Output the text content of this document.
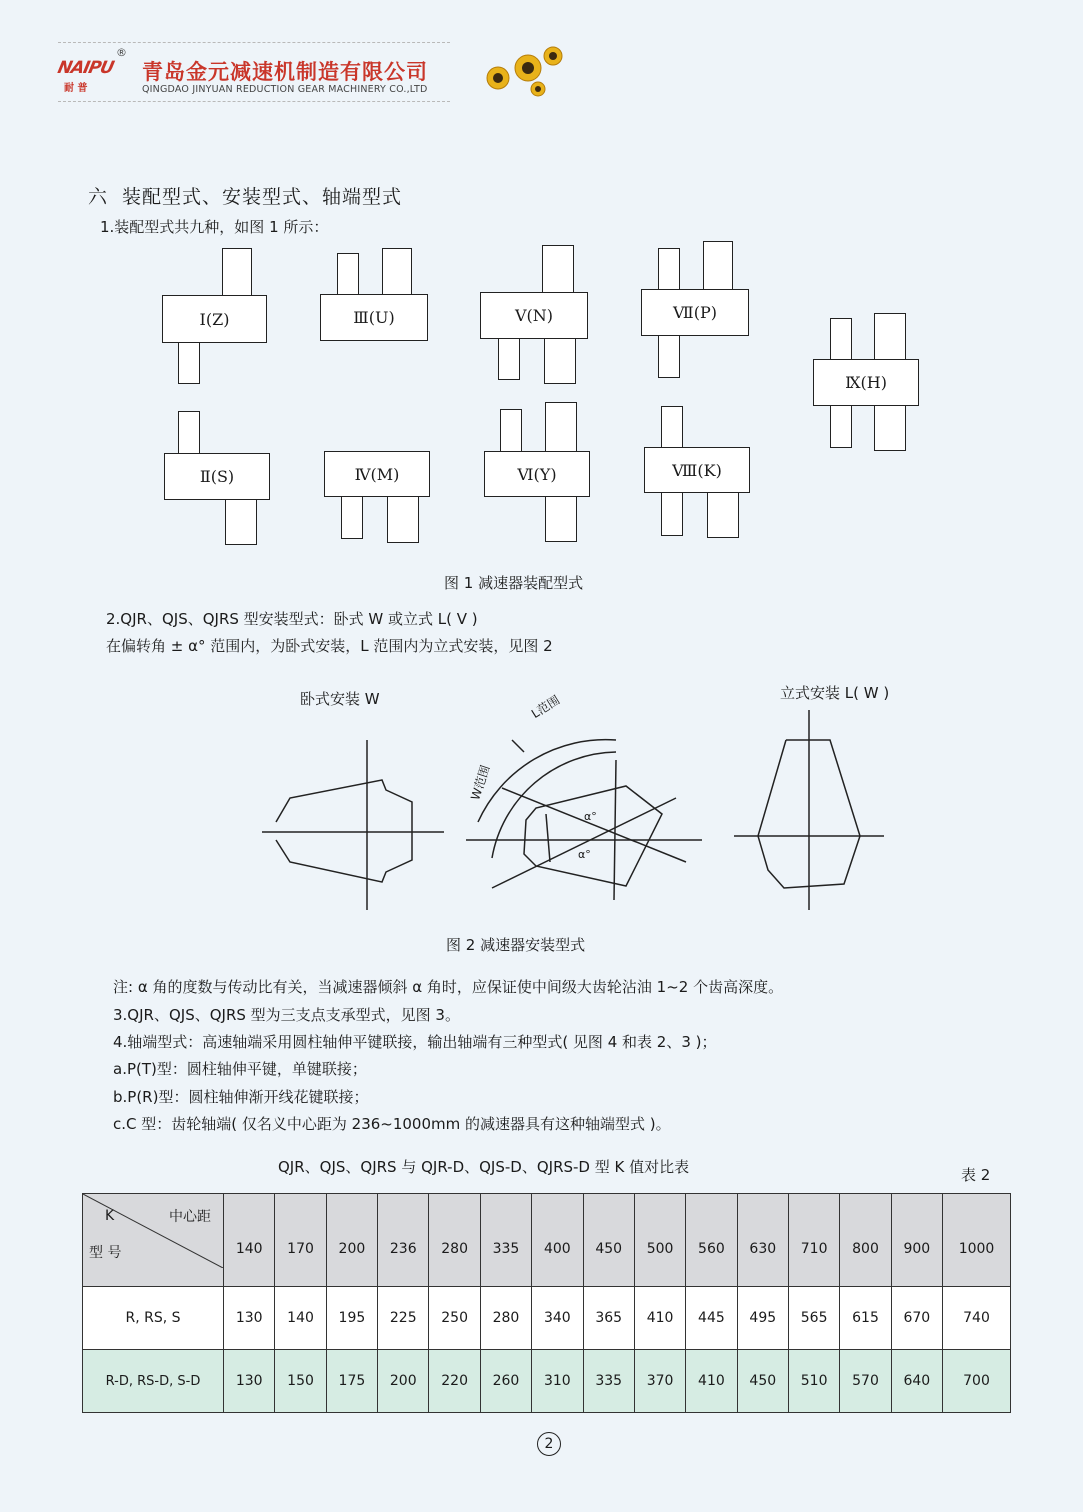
NAIPU
耐 普
®
青岛金元减速机制造有限公司
QINGDAO JINYUAN REDUCTION GEAR MACHINERY CO.,LTD
六 装配型式、安装型式、轴端型式
1.装配型式共九种，如图 1 所示：
Ⅰ(Z)	Ⅲ(U)	Ⅴ(N)	Ⅶ(P)
Ⅸ(H)
Ⅱ(S)	Ⅳ(M)	Ⅵ(Y)	Ⅷ(K)
图 1 减速器装配型式
2.QJR、QJS、QJRS 型安装型式：卧式 W 或立式 L( V )
在偏转角 ± α° 范围内，为卧式安装，L 范围内为立式安装，见图 2
卧式安装 W	立式安装 L( W )
L范围
W范围
α°
α°
图 2 减速器安装型式
注: α 角的度数与传动比有关，当减速器倾斜 α 角时，应保证使中间级大齿轮沾油 1~2 个齿高深度。
3.QJR、QJS、QJRS 型为三支点支承型式，见图 3。
4.轴端型式：高速轴端采用圆柱轴伸平键联接，输出轴端有三种型式( 见图 4 和表 2、3 )；
a.P(T)型：圆柱轴伸平键，单键联接；
b.P(R)型：圆柱轴伸渐开线花键联接；
c.C 型：齿轮轴端( 仅名义中心距为 236~1000mm 的减速器具有这种轴端型式 )。
QJR、QJS、QJRS 与 QJR-D、QJS-D、QJRS-D 型 K 值对比表	表 2
K 中心距
型 号	140	170	200	236	280	335	400	450	500	560	630	710	800	900	1000
R, RS, S	130	140	195	225	250	280	340	365	410	445	495	565	615	670	740
R-D, RS-D, S-D	130	150	175	200	220	260	310	335	370	410	450	510	570	640	700
2
